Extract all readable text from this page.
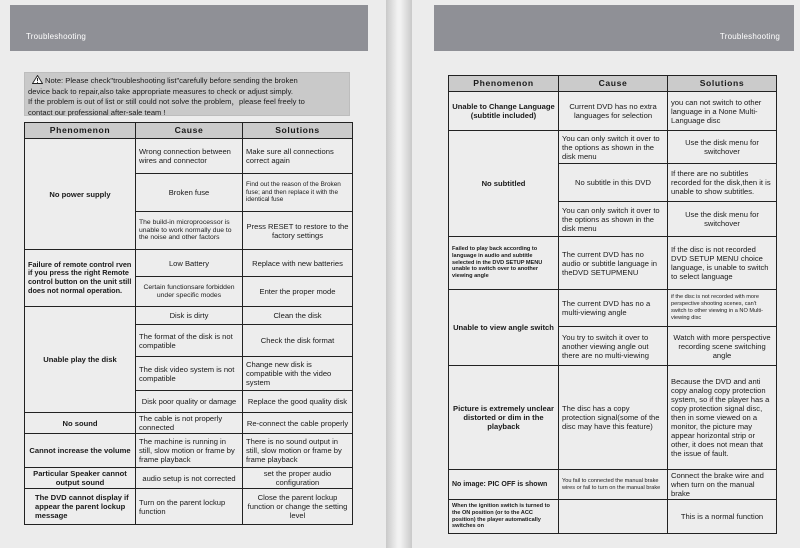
Troubleshooting
Note: Please check"troubleshooting list"carefully before sending the broken
device back to repair,also take appropriate measures to check or adjust simply.
If the problem is out of list or still could not solve the problem，please feel freely to
contact our professional after-sale team !
Phenomenon	Cause	Solutions
No power supply	Wrong connection between wires and connector	Make sure all connections correct again
	Broken fuse	Find out the reason of the Broken fuse; and then replace it with the identical fuse
	The build-in microprocessor is unable to work normally due to the noise and other factors	Press RESET to restore to the factory settings
Failure of remote control rven if you press the right Remote control button on the unit still does not normal operation.	Low Battery	Replace with new batteries
	Certain functionsare forbidden under specific modes	Enter the proper mode
Unable play the disk	Disk is dirty	Clean the disk
	The format of the disk is not compatible	Check the disk format
	The disk video system is not compatible	Change new disk is compatible with the video system
	Disk poor quality or damage	Replace the good quality disk
No sound	The cable is not properly connected	Re-connect the cable properly
Cannot increase the volume	The machine is running in still, slow motion or frame by frame playback	There is no sound output in still, slow motion or frame by frame playback
Particular Speaker cannot output sound	audio setup is not corrected	set the proper audio configuration
The DVD cannot display if appear the parent lockup message	Turn on the parent lockup function	Close the parent lockup function or change the setting level
Troubleshooting
Phenomenon	Cause	Solutions
Unable to Change Language (subtitle included)	Current DVD has no extra languages for selection	you can not switch to other language in a None Multi-Language disc
No subtitled	You can only switch it over to the options as shown in the disk menu	Use the disk menu for switchover
	No subtitle in this DVD	If there are no subtitles recorded for the disk,then it is unable to show subtitles.
	You can only switch it over to the options as shown in the disk menu	Use the disk menu for switchover
Failed to play back according to language in audio and subtitle selected in the DVD SETUP MENU unable to switch over to another viewing angle	The current DVD has no audio or subtitle language in theDVD SETUPMENU	If the disc is not recorded DVD SETUP MENU choice language, is unable to switch to select language
Unable to view angle switch	The current DVD has no a multi-viewing angle	if the disc is not recorded with more perspective shooting scenes, can't switch to other viewing in a NO Multi-viewing disc
	You try to switch it over to another viewing angle out there are no multi-viewing	Watch with more perspective recording scene switching angle
Picture is extremely unclear distorted or dim in the playback	The disc has a copy protection signal(some of the disc may have this feature)	Because the DVD and anti copy analog copy protection system, so if the player has a copy protection signal disc, then in some viewed on a monitor, the picture may appear horizontal strip or other, it does not mean that the issue of fault.
No image: PIC OFF is shown	You fail to connected the manual brake wires or fail to turn on the manual brake	Connect the brake wire and when turn on the manual brake
When the ignition switch is turned to the ON position (or to the ACC position) the player automatically switches on		This is a normal function
